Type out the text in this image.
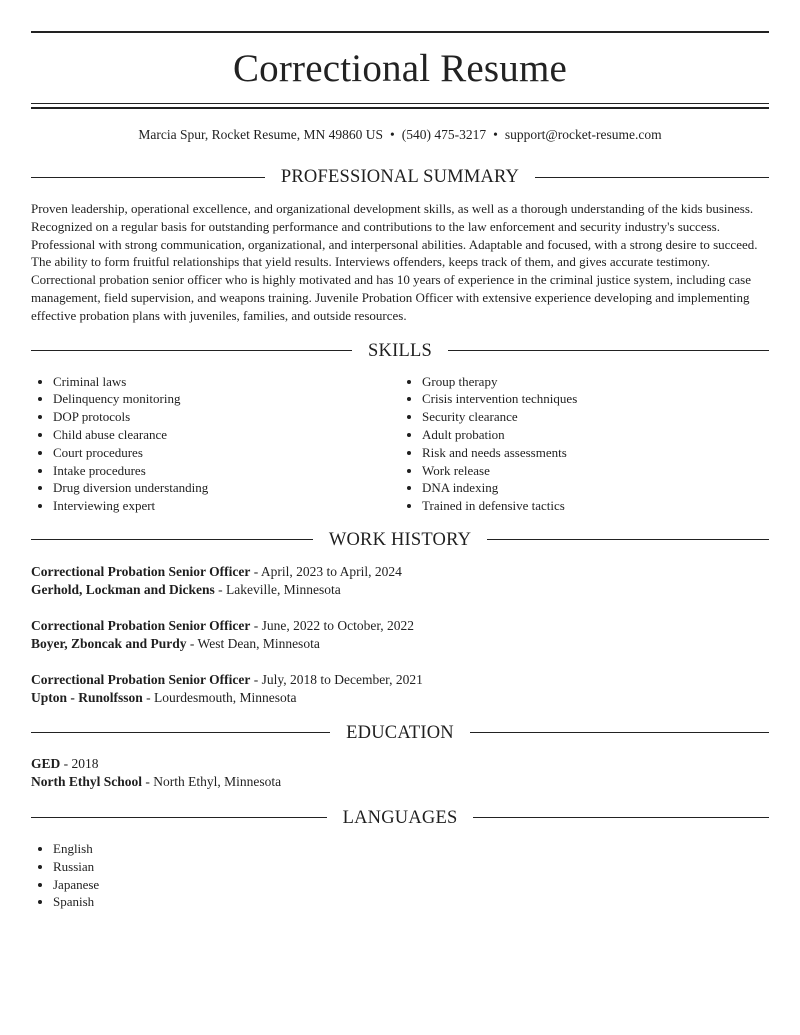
Correctional Resume
Marcia Spur, Rocket Resume, MN 49860 US • (540) 475-3217 • support@rocket-resume.com
PROFESSIONAL SUMMARY
Proven leadership, operational excellence, and organizational development skills, as well as a thorough understanding of the kids business. Recognized on a regular basis for outstanding performance and contributions to the law enforcement and security industry's success. Professional with strong communication, organizational, and interpersonal abilities. Adaptable and focused, with a strong desire to succeed. The ability to form fruitful relationships that yield results. Interviews offenders, keeps track of them, and gives accurate testimony. Correctional probation senior officer who is highly motivated and has 10 years of experience in the criminal justice system, including case management, field supervision, and weapons training. Juvenile Probation Officer with extensive experience developing and implementing effective probation plans with juveniles, families, and outside resources.
SKILLS
• Criminal laws
• Delinquency monitoring
• DOP protocols
• Child abuse clearance
• Court procedures
• Intake procedures
• Drug diversion understanding
• Interviewing expert
• Group therapy
• Crisis intervention techniques
• Security clearance
• Adult probation
• Risk and needs assessments
• Work release
• DNA indexing
• Trained in defensive tactics
WORK HISTORY
Correctional Probation Senior Officer - April, 2023 to April, 2024
Gerhold, Lockman and Dickens - Lakeville, Minnesota
Correctional Probation Senior Officer - June, 2022 to October, 2022
Boyer, Zboncak and Purdy - West Dean, Minnesota
Correctional Probation Senior Officer - July, 2018 to December, 2021
Upton - Runolfsson - Lourdesmouth, Minnesota
EDUCATION
GED - 2018
North Ethyl School - North Ethyl, Minnesota
LANGUAGES
• English
• Russian
• Japanese
• Spanish
